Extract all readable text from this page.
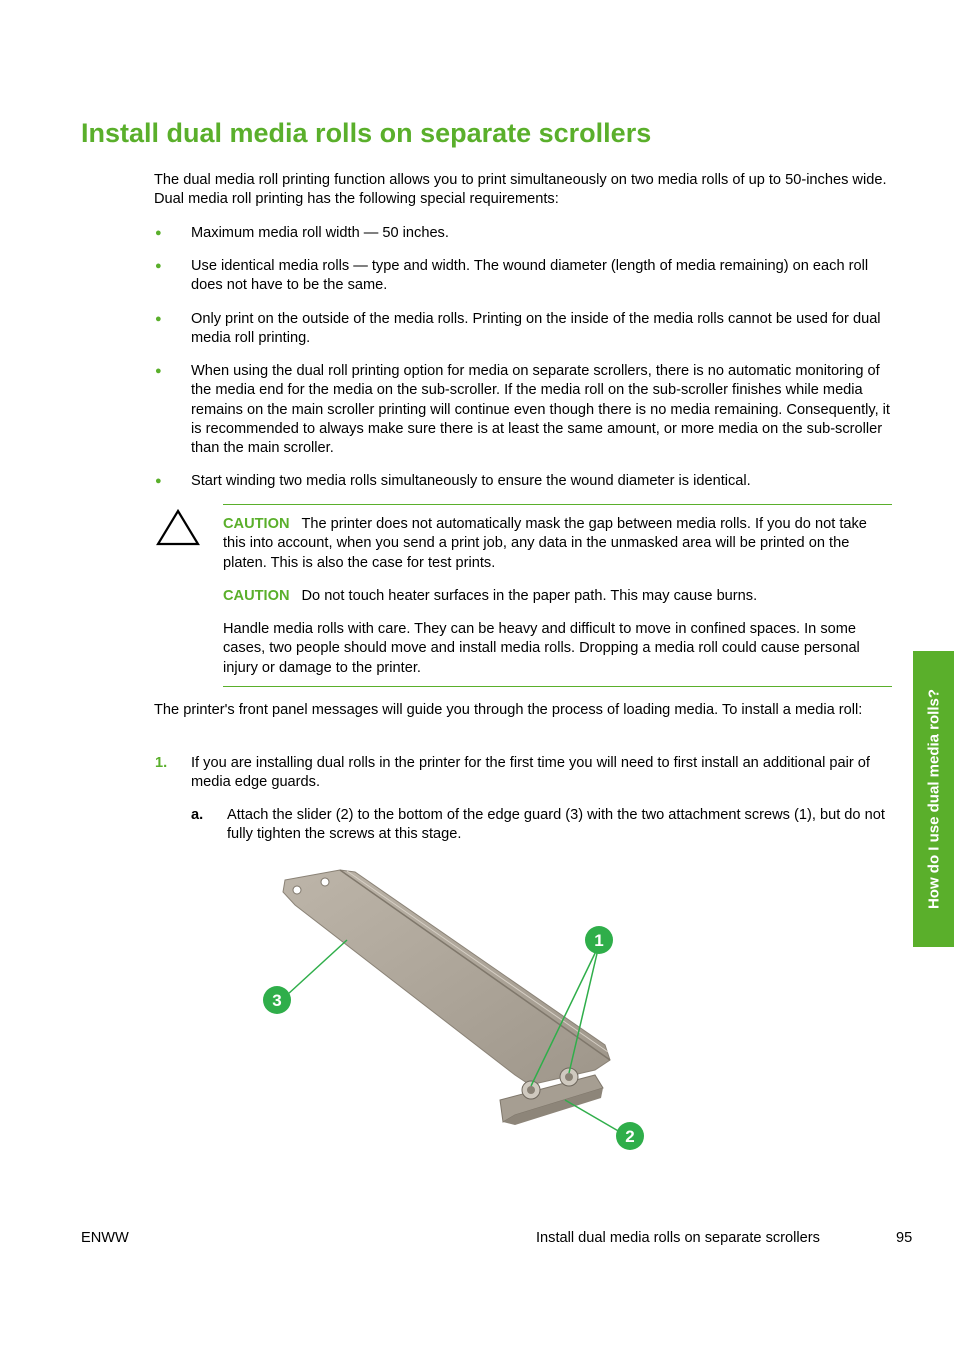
Install dual media rolls on separate scrollers

The dual media roll printing function allows you to print simultaneously on two media rolls of up to 50-inches wide. Dual media roll printing has the following special requirements:

● Maximum media roll width — 50 inches.

● Use identical media rolls — type and width. The wound diameter (length of media remaining) on each roll does not have to be the same.

● Only print on the outside of the media rolls. Printing on the inside of the media rolls cannot be used for dual media roll printing.

● When using the dual roll printing option for media on separate scrollers, there is no automatic monitoring of the media end for the media on the sub-scroller. If the media roll on the sub-scroller finishes while media remains on the main scroller printing will continue even though there is no media remaining. Consequently, it is recommended to always make sure there is at least the same amount, or more media on the sub-scroller than the main scroller.

● Start winding two media rolls simultaneously to ensure the wound diameter is identical.

CAUTION The printer does not automatically mask the gap between media rolls. If you do not take this into account, when you send a print job, any data in the unmasked area will be printed on the platen. This is also the case for test prints.

CAUTION Do not touch heater surfaces in the paper path. This may cause burns.

Handle media rolls with care. They can be heavy and difficult to move in confined spaces. In some cases, two people should move and install media rolls. Dropping a media roll could cause personal injury or damage to the printer.

The printer's front panel messages will guide you through the process of loading media. To install a media roll:

1. If you are installing dual rolls in the printer for the first time you will need to first install an additional pair of media edge guards.

a. Attach the slider (2) to the bottom of the edge guard (3) with the two attachment screws (1), but do not fully tighten the screws at this stage.

1
2
3
How do I use dual media rolls?

ENWW	Install dual media rolls on separate scrollers	95
